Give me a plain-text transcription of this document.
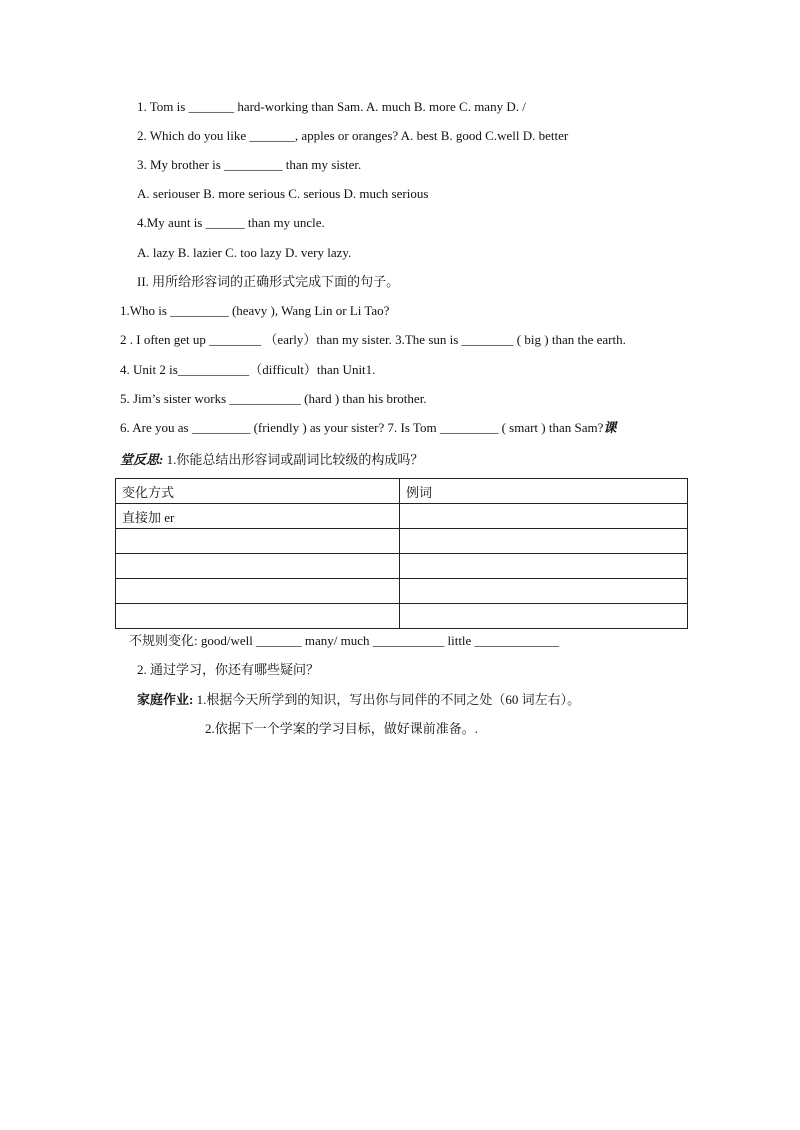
1. Tom is _______ hard-working than Sam. A. much B. more C. many D. /
2. Which do you like _______, apples or oranges? A. best B. good C.well D. better
3. My brother is _________ than my sister.
A. seriouser B. more serious C. serious D. much serious
4.My aunt is ______ than my uncle.
A. lazy B. lazier C. too lazy D. very lazy.
II. 用所给形容词的正确形式完成下面的句子。
1.Who is _________ (heavy ), Wang Lin or Li Tao?
2 . I often get up ________ （early）than my sister. 3.The sun is ________ ( big ) than the earth.
4. Unit 2 is___________（difficult）than Unit1.
5. Jim’s sister works ___________ (hard ) than his brother.
6. Are you as _________ (friendly ) as your sister? 7. Is Tom _________ ( smart ) than Sam?课
堂反思: 1.你能总结出形容词或副词比较级的构成吗？
变化方式	例词
直接加 er	

不规则变化: good/well _______ many/ much ___________ little _____________
2. 通过学习，你还有哪些疑问？
家庭作业: 1.根据今天所学到的知识，写出你与同伴的不同之处（60 词左右）。
2.依据下一个学案的学习目标，做好课前准备。.
